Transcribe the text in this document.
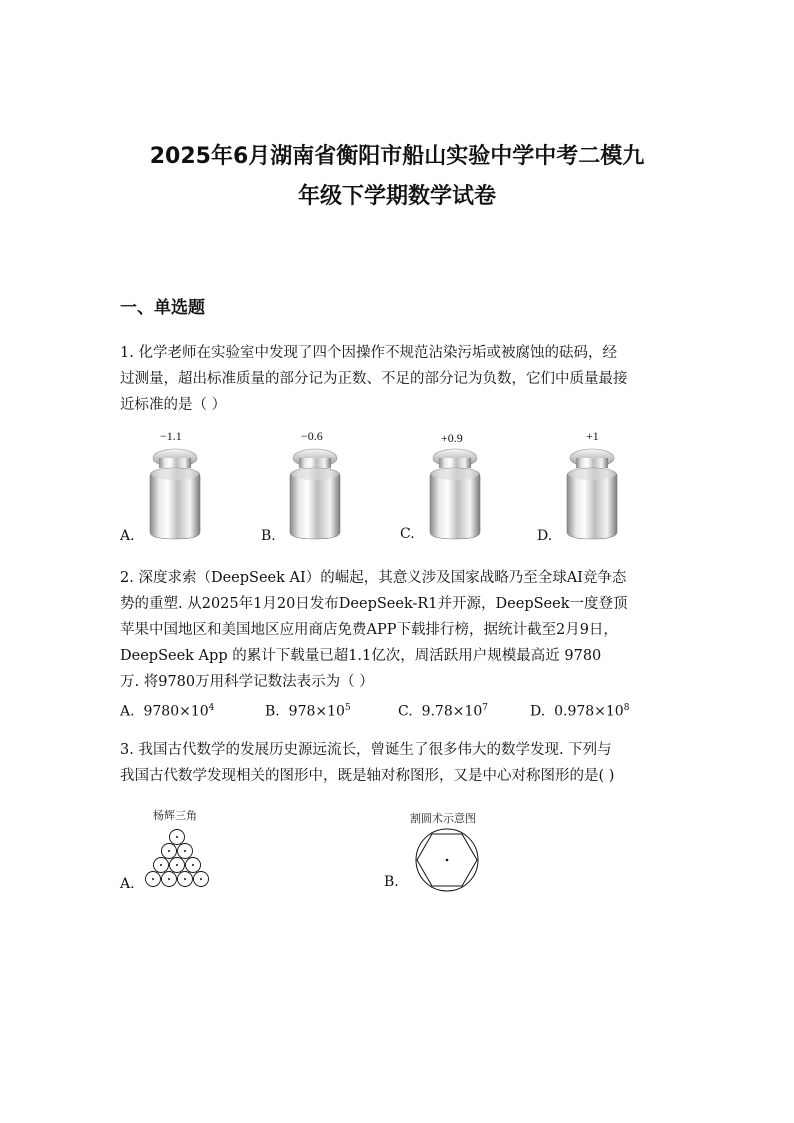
2025年6月湖南省衡阳市船山实验中学中考二模九
年级下学期数学试卷
一、单选题
1. 化学老师在实验室中发现了四个因操作不规范沾染污垢或被腐蚀的砝码，经
过测量，超出标准质量的部分记为正数、不足的部分记为负数，它们中质量最接
近标准的是（ ）
−1.1
A.
−0.6
B.
+0.9
C.
+1
D.
2. 深度求索（DeepSeek AI）的崛起，其意义涉及国家战略乃至全球AI竞争态
势的重塑. 从2025年1月20日发布DeepSeek-R1并开源，DeepSeek一度登顶
苹果中国地区和美国地区应用商店免费APP下载排行榜，据统计截至2月9日，
DeepSeek App 的累计下载量已超1.1亿次，周活跃用户规模最高近 9780
万. 将9780万用科学记数法表示为（ ）
A. $9780\times 10^4$	B. $978\times 10^5$	C. $9.78\times 10^7$	D. $0.978\times 10^8$
3. 我国古代数学的发展历史源远流长，曾诞生了很多伟大的数学发现. 下列与
我国古代数学发现相关的图形中，既是轴对称图形，又是中心对称图形的是( )
杨辉三角
A.
割圆术示意图
B.
